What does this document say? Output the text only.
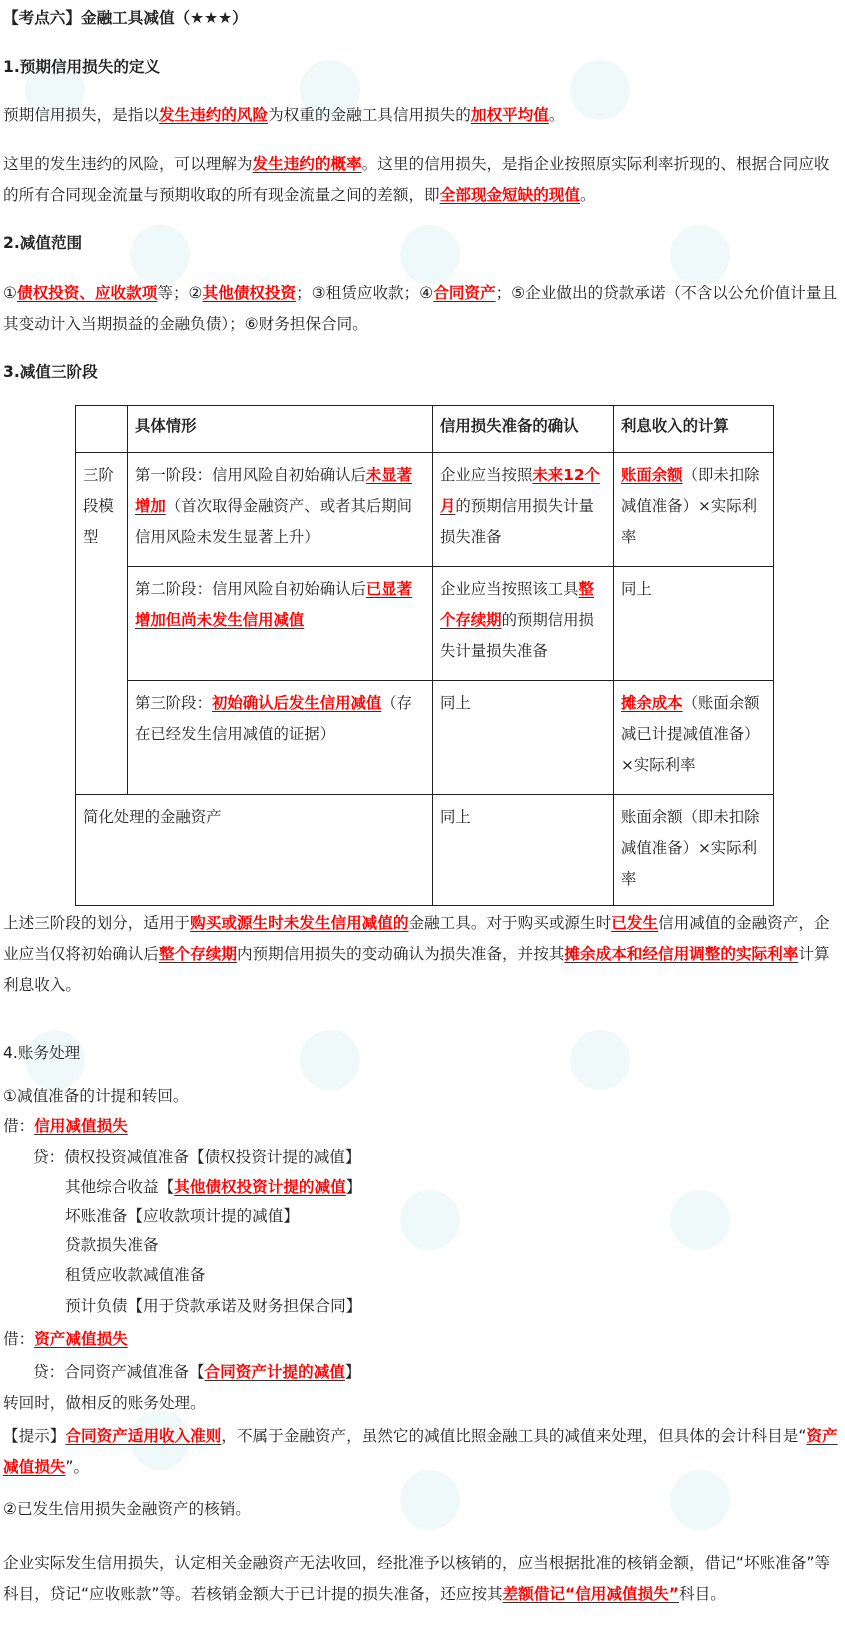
【考点六】金融工具减值（★★★）
1.预期信用损失的定义
预期信用损失，是指以发生违约的风险为权重的金融工具信用损失的加权平均值。
这里的发生违约的风险，可以理解为发生违约的概率。这里的信用损失，是指企业按照原实际利率折现的、根据合同应收的所有合同现金流量与预期收取的所有现金流量之间的差额，即全部现金短缺的现值。
2.减值范围
①债权投资、应收款项等；②其他债权投资；③租赁应收款；④合同资产；⑤企业做出的贷款承诺（不含以公允价值计量且其变动计入当期损益的金融负债）；⑥财务担保合同。
3.减值三阶段
	具体情形	信用损失准备的确认	利息收入的计算
三阶段模型	第一阶段：信用风险自初始确认后未显著增加（首次取得金融资产、或者其后期间信用风险未发生显著上升）	企业应当按照未来12个月的预期信用损失计量损失准备	账面余额（即未扣除减值准备）×实际利率
	第二阶段：信用风险自初始确认后已显著增加但尚未发生信用减值	企业应当按照该工具整个存续期的预期信用损失计量损失准备	同上
	第三阶段：初始确认后发生信用减值（存在已经发生信用减值的证据）	同上	摊余成本（账面余额减已计提减值准备）×实际利率
简化处理的金融资产		同上	账面余额（即未扣除减值准备）×实际利率
上述三阶段的划分，适用于购买或源生时未发生信用减值的金融工具。对于购买或源生时已发生信用减值的金融资产，企业应当仅将初始确认后整个存续期内预期信用损失的变动确认为损失准备，并按其摊余成本和经信用调整的实际利率计算利息收入。
4.账务处理
①减值准备的计提和转回。
借：信用减值损失
贷：债权投资减值准备【债权投资计提的减值】
其他综合收益【其他债权投资计提的减值】
坏账准备【应收款项计提的减值】
贷款损失准备
租赁应收款减值准备
预计负债【用于贷款承诺及财务担保合同】
借：资产减值损失
贷：合同资产减值准备【合同资产计提的减值】
转回时，做相反的账务处理。
【提示】合同资产适用收入准则，不属于金融资产，虽然它的减值比照金融工具的减值来处理，但具体的会计科目是“资产减值损失”。
②已发生信用损失金融资产的核销。
企业实际发生信用损失，认定相关金融资产无法收回，经批准予以核销的，应当根据批准的核销金额，借记“坏账准备”等科目，贷记“应收账款”等。若核销金额大于已计提的损失准备，还应按其差额借记“信用减值损失”科目。
